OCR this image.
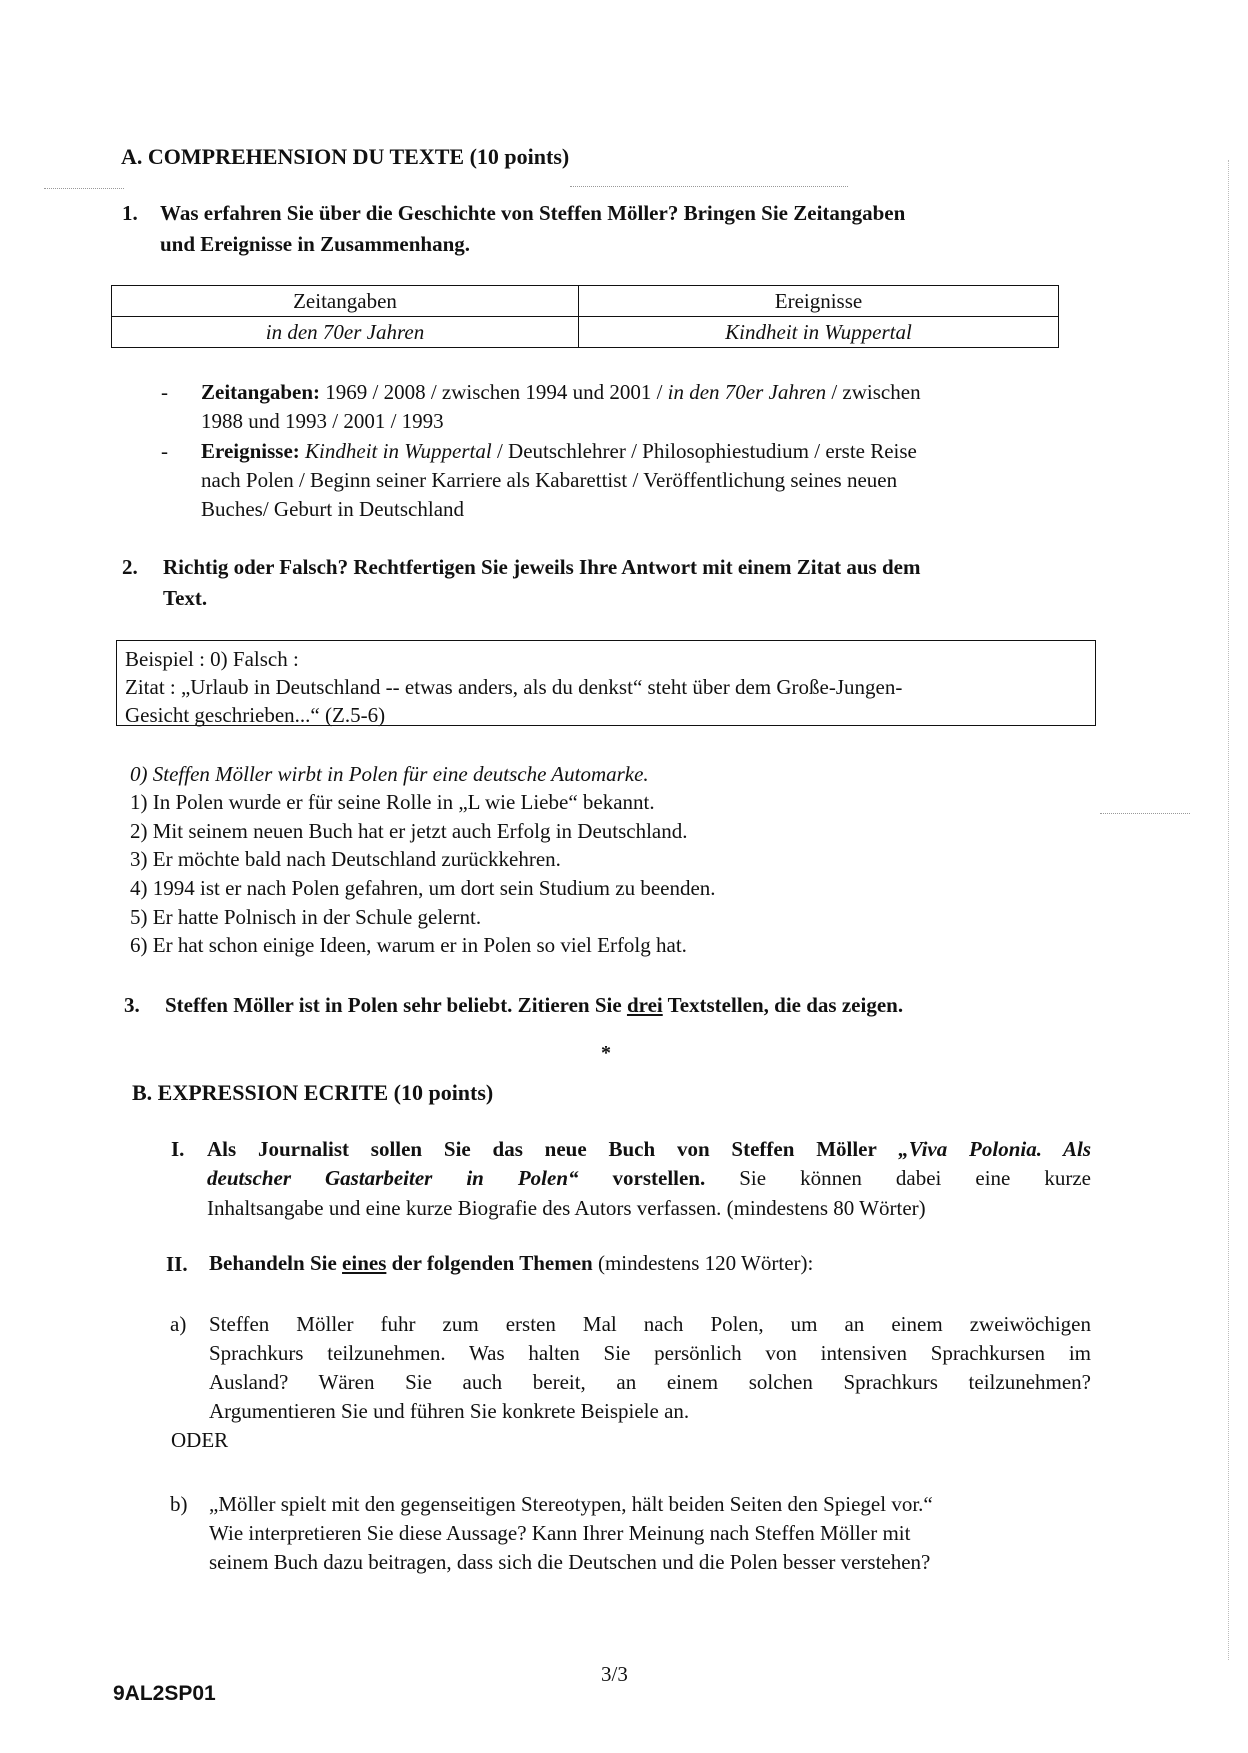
A. COMPREHENSION DU TEXTE (10 points)
1. Was erfahren Sie über die Geschichte von Steffen Möller? Bringen Sie Zeitangaben
und Ereignisse in Zusammenhang.
Zeitangaben	Ereignisse
in den 70er Jahren	Kindheit in Wuppertal
- Zeitangaben: 1969 / 2008 / zwischen 1994 und 2001 / in den 70er Jahren / zwischen
1988 und 1993 / 2001 / 1993
- Ereignisse: Kindheit in Wuppertal / Deutschlehrer / Philosophiestudium / erste Reise
nach Polen / Beginn seiner Karriere als Kabarettist / Veröffentlichung seines neuen
Buches/ Geburt in Deutschland
2. Richtig oder Falsch? Rechtfertigen Sie jeweils Ihre Antwort mit einem Zitat aus dem
Text.
Beispiel : 0) Falsch :
Zitat : „Urlaub in Deutschland -- etwas anders, als du denkst“ steht über dem Große-Jungen-
Gesicht geschrieben...“ (Z.5-6)
0) Steffen Möller wirbt in Polen für eine deutsche Automarke.
1) In Polen wurde er für seine Rolle in „L wie Liebe“ bekannt.
2) Mit seinem neuen Buch hat er jetzt auch Erfolg in Deutschland.
3) Er möchte bald nach Deutschland zurückkehren.
4) 1994 ist er nach Polen gefahren, um dort sein Studium zu beenden.
5) Er hatte Polnisch in der Schule gelernt.
6) Er hat schon einige Ideen, warum er in Polen so viel Erfolg hat.
3. Steffen Möller ist in Polen sehr beliebt. Zitieren Sie drei Textstellen, die das zeigen.
*
B. EXPRESSION ECRITE (10 points)
I. Als Journalist sollen Sie das neue Buch von Steffen Möller „Viva Polonia. Als
deutscher Gastarbeiter in Polen“ vorstellen. Sie können dabei eine kurze
Inhaltsangabe und eine kurze Biografie des Autors verfassen. (mindestens 80 Wörter)
II. Behandeln Sie eines der folgenden Themen (mindestens 120 Wörter):
a) Steffen Möller fuhr zum ersten Mal nach Polen, um an einem zweiwöchigen
Sprachkurs teilzunehmen. Was halten Sie persönlich von intensiven Sprachkursen im
Ausland? Wären Sie auch bereit, an einem solchen Sprachkurs teilzunehmen?
Argumentieren Sie und führen Sie konkrete Beispiele an.
ODER
b) „Möller spielt mit den gegenseitigen Stereotypen, hält beiden Seiten den Spiegel vor.“
Wie interpretieren Sie diese Aussage? Kann Ihrer Meinung nach Steffen Möller mit
seinem Buch dazu beitragen, dass sich die Deutschen und die Polen besser verstehen?
3/3
9AL2SP01
